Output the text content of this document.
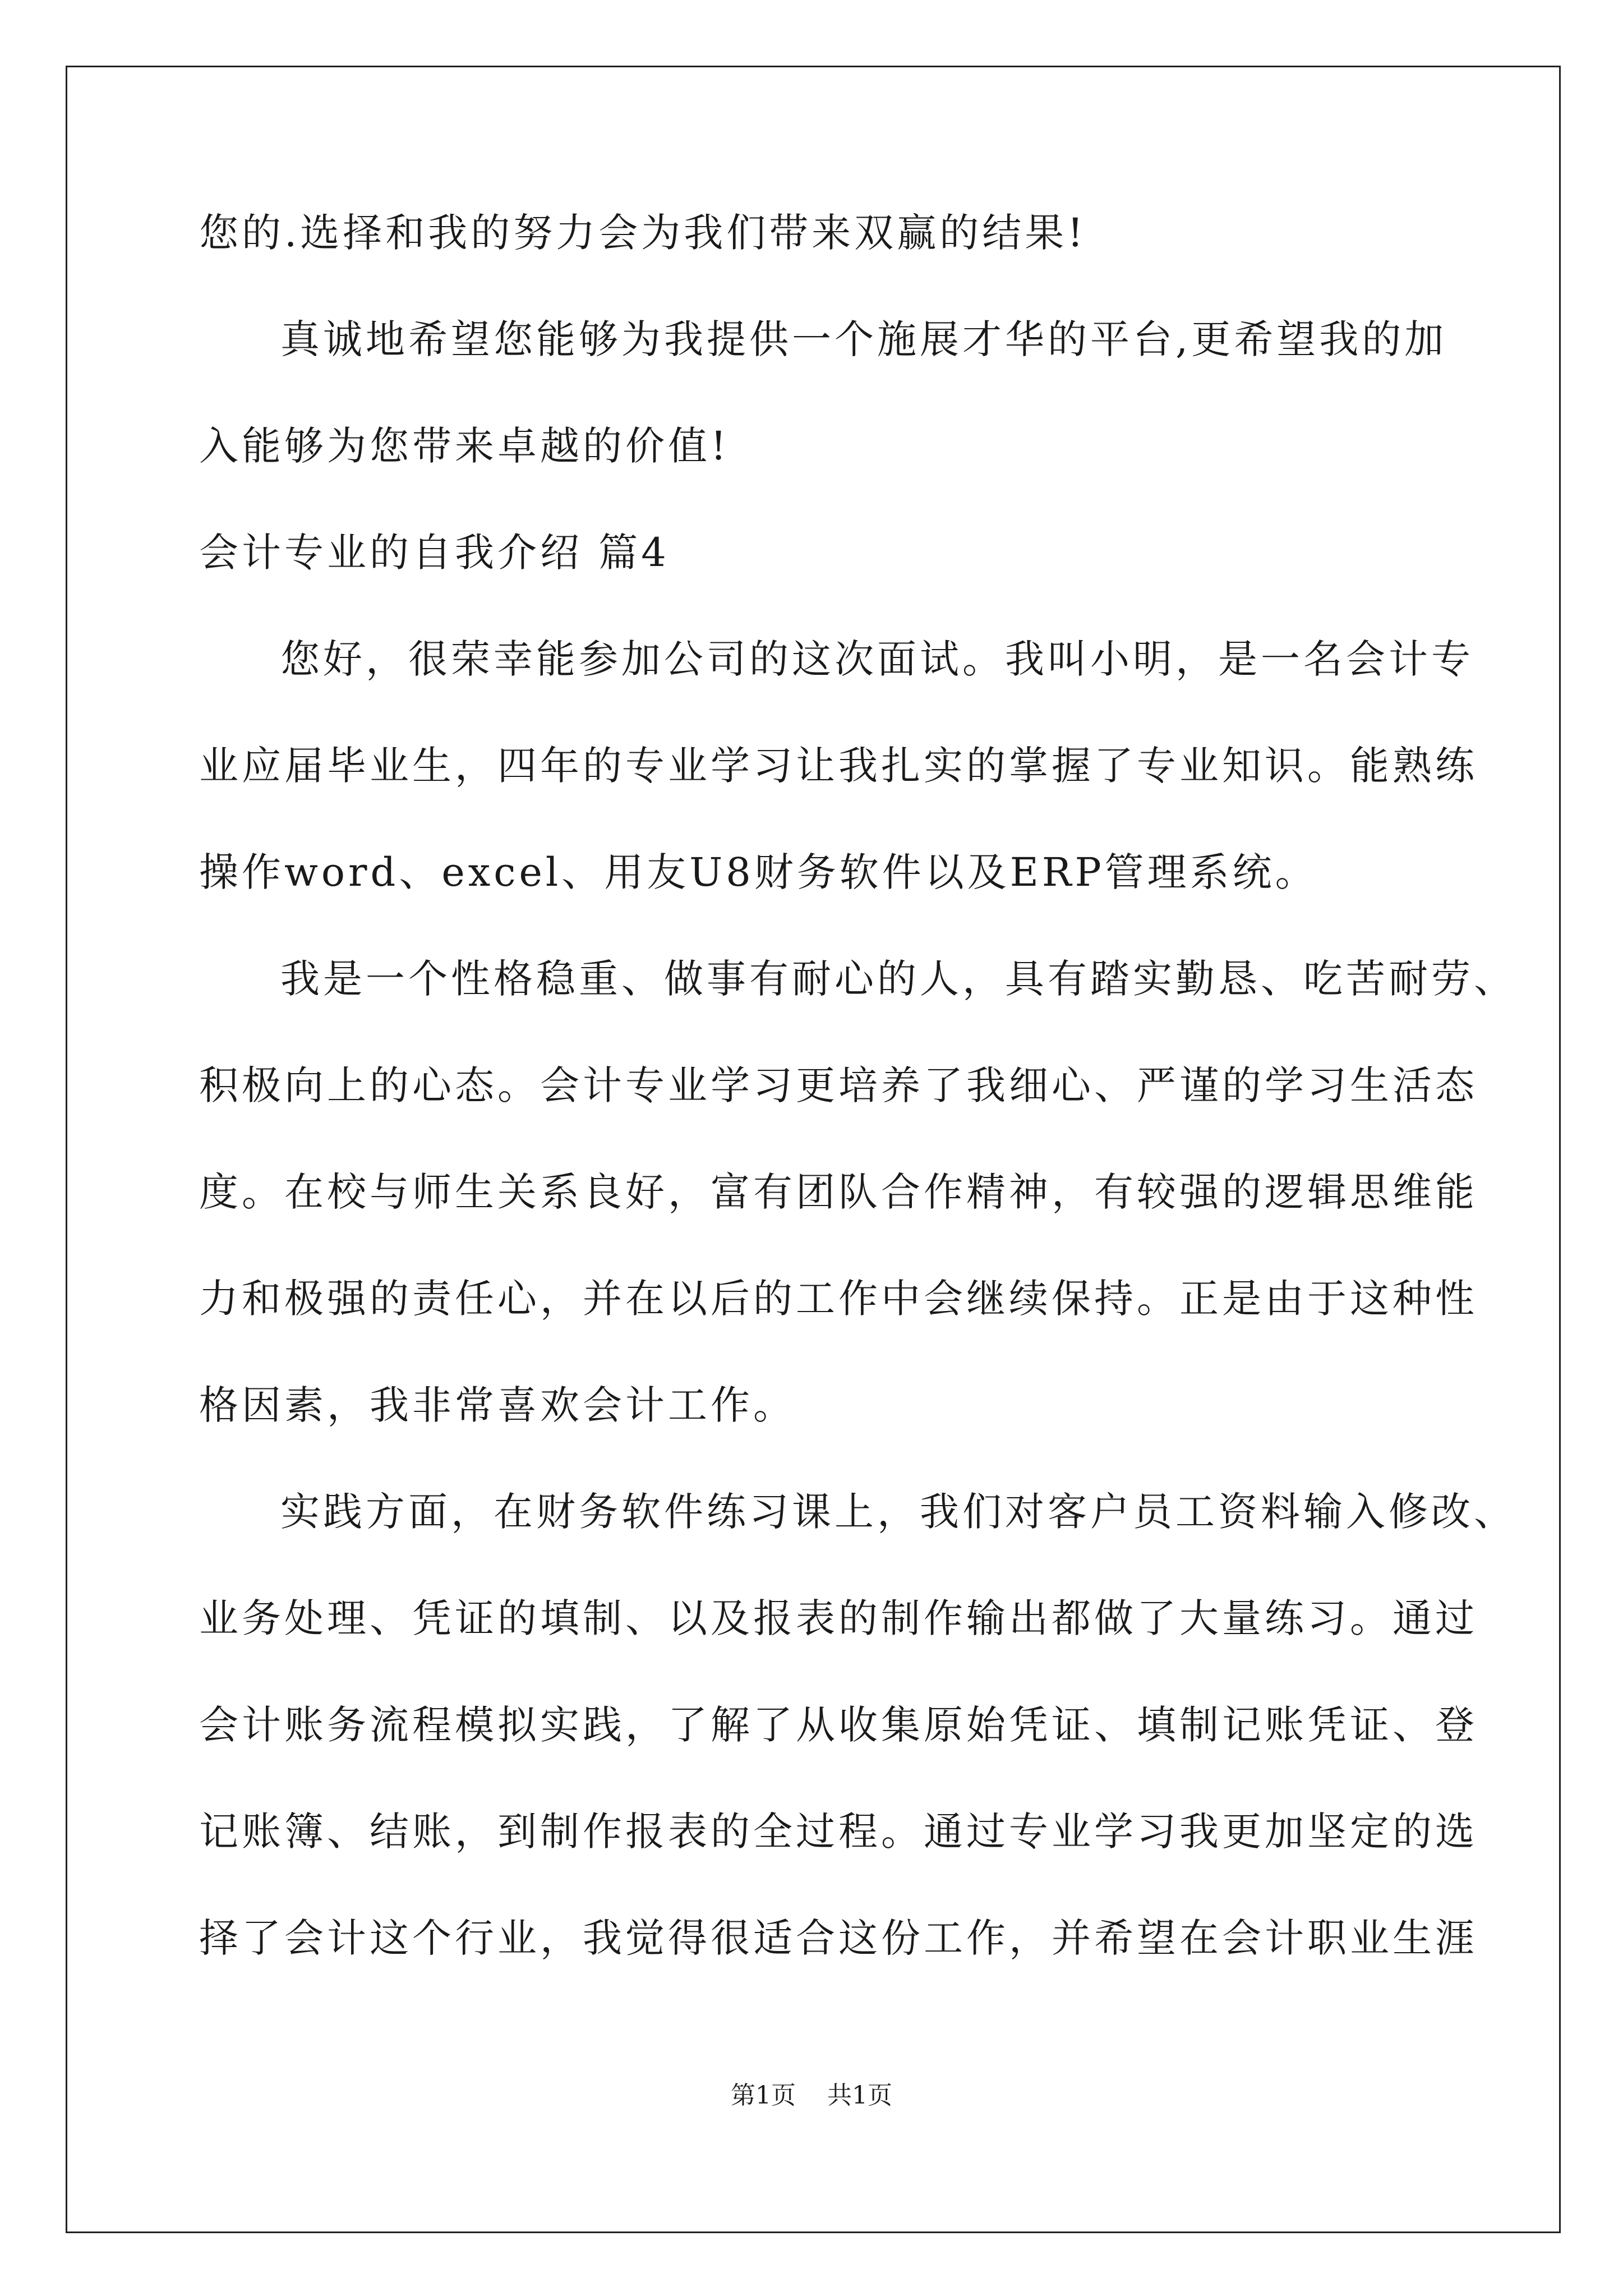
您的.选择和我的努力会为我们带来双赢的结果!
真诚地希望您能够为我提供一个施展才华的平台,更希望我的加
入能够为您带来卓越的价值!
会计专业的自我介绍 篇4
您好，很荣幸能参加公司的这次面试。我叫小明，是一名会计专
业应届毕业生，四年的专业学习让我扎实的掌握了专业知识。能熟练
操作word、excel、用友U8财务软件以及ERP管理系统。
我是一个性格稳重、做事有耐心的人，具有踏实勤恳、吃苦耐劳、
积极向上的心态。会计专业学习更培养了我细心、严谨的学习生活态
度。在校与师生关系良好，富有团队合作精神，有较强的逻辑思维能
力和极强的责任心，并在以后的工作中会继续保持。正是由于这种性
格因素，我非常喜欢会计工作。
实践方面，在财务软件练习课上，我们对客户员工资料输入修改、
业务处理、凭证的填制、以及报表的制作输出都做了大量练习。通过
会计账务流程模拟实践，了解了从收集原始凭证、填制记账凭证、登
记账簿、结账，到制作报表的全过程。通过专业学习我更加坚定的选
择了会计这个行业，我觉得很适合这份工作，并希望在会计职业生涯
第1页 共1页
